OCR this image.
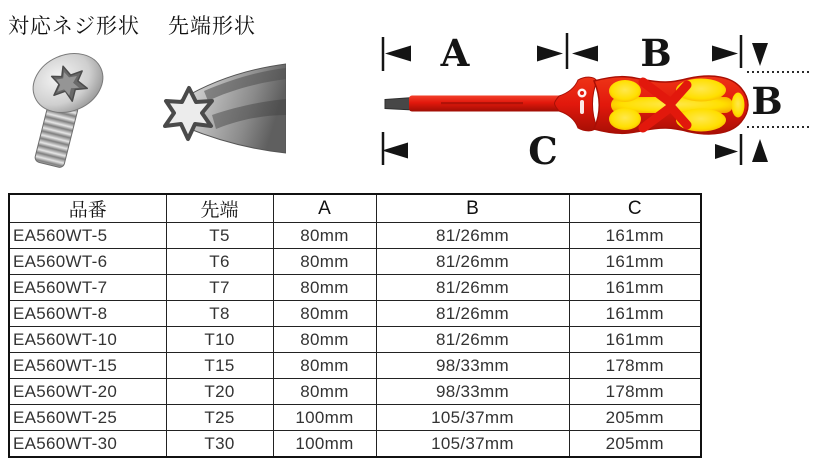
対応ネジ形状 先端形状
A	B
B
C
品番	先端	A	B	C
EA560WT-5	T5	80mm	81/26mm	161mm
EA560WT-6	T6	80mm	81/26mm	161mm
EA560WT-7	T7	80mm	81/26mm	161mm
EA560WT-8	T8	80mm	81/26mm	161mm
EA560WT-10	T10	80mm	81/26mm	161mm
EA560WT-15	T15	80mm	98/33mm	178mm
EA560WT-20	T20	80mm	98/33mm	178mm
EA560WT-25	T25	100mm	105/37mm	205mm
EA560WT-30	T30	100mm	105/37mm	205mm
